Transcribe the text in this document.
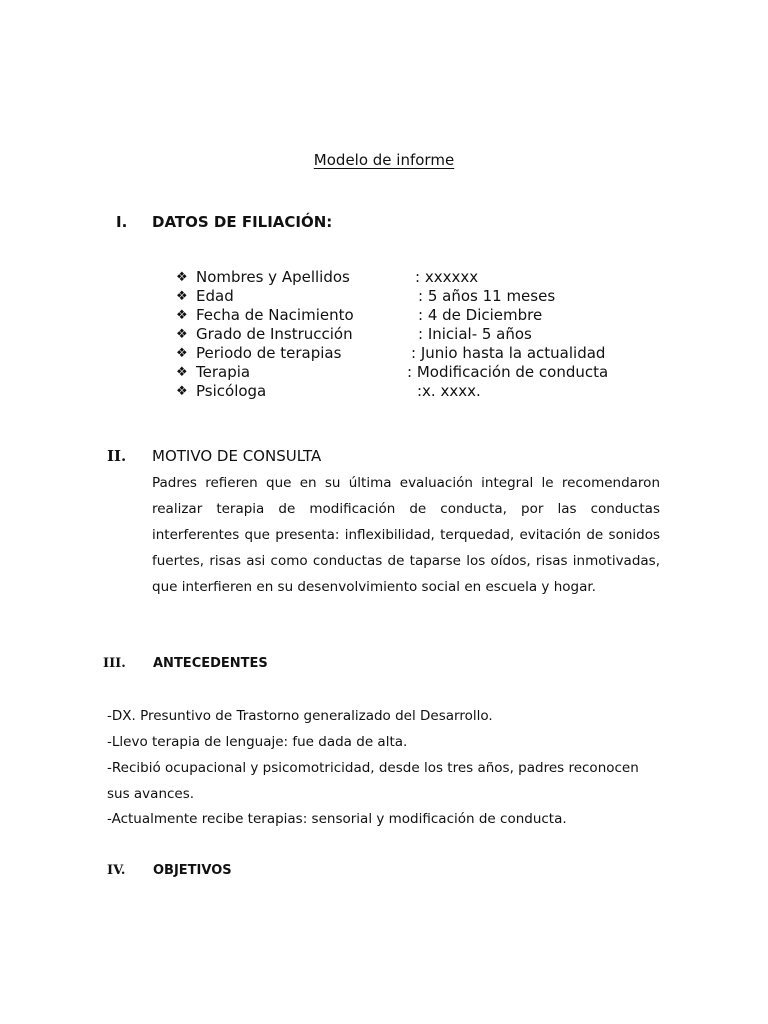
Modelo de informe
I. DATOS DE FILIACIÓN:
❖ Nombres y Apellidos	: xxxxxx
❖ Edad	: 5 años 11 meses
❖ Fecha de Nacimiento	: 4 de Diciembre
❖ Grado de Instrucción	: Inicial- 5 años
❖ Periodo de terapias	: Junio hasta la actualidad
❖ Terapia	: Modificación de conducta
❖ Psicóloga	:x. xxxx.
II. MOTIVO DE CONSULTA
Padres refieren que en su última evaluación integral le recomendaron realizar terapia de modificación de conducta, por las conductas interferentes que presenta: inflexibilidad, terquedad, evitación de sonidos fuertes, risas asi como conductas de taparse los oídos, risas inmotivadas, que interfieren en su desenvolvimiento social en escuela y hogar.
III. ANTECEDENTES
-DX. Presuntivo de Trastorno generalizado del Desarrollo.
-Llevo terapia de lenguaje: fue dada de alta.
-Recibió ocupacional y psicomotricidad, desde los tres años, padres reconocen
sus avances.
-Actualmente recibe terapias: sensorial y modificación de conducta.
IV. OBJETIVOS
